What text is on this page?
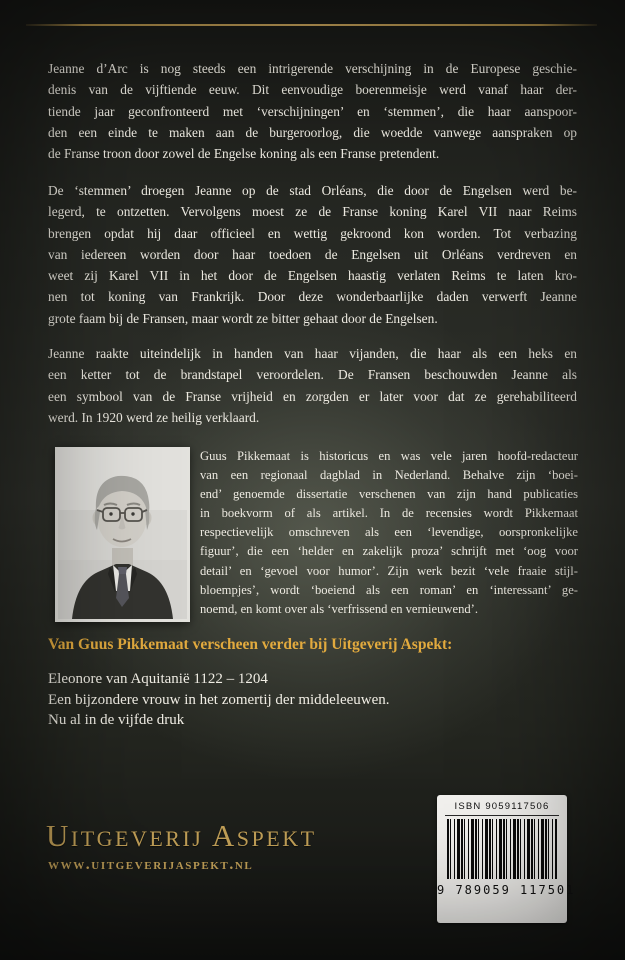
Jeanne d’Arc is nog steeds een intrigerende verschijning in de Europese geschie-
denis van de vijftiende eeuw. Dit eenvoudige boerenmeisje werd vanaf haar der-
tiende jaar geconfronteerd met ‘verschijningen’ en ‘stemmen’, die haar aanspoor-
den een einde te maken aan de burgeroorlog, die woedde vanwege aanspraken op
de Franse troon door zowel de Engelse koning als een Franse pretendent.
De ‘stemmen’ droegen Jeanne op de stad Orléans, die door de Engelsen werd be-
legerd, te ontzetten. Vervolgens moest ze de Franse koning Karel VII naar Reims
brengen opdat hij daar officieel en wettig gekroond kon worden. Tot verbazing
van iedereen worden door haar toedoen de Engelsen uit Orléans verdreven en
weet zij Karel VII in het door de Engelsen haastig verlaten Reims te laten kro-
nen tot koning van Frankrijk. Door deze wonderbaarlijke daden verwerft Jeanne
grote faam bij de Fransen, maar wordt ze bitter gehaat door de Engelsen.
Jeanne raakte uiteindelijk in handen van haar vijanden, die haar als een heks en
een ketter tot de brandstapel veroordelen. De Fransen beschouwden Jeanne als
een symbool van de Franse vrijheid en zorgden er later voor dat ze gerehabiliteerd
werd. In 1920 werd ze heilig verklaard.
Guus Pikkemaat is historicus en was vele jaren hoofd-redacteur
van een regionaal dagblad in Nederland. Behalve zijn ‘boei-
end’ genoemde dissertatie verschenen van zijn hand publicaties
in boekvorm of als artikel. In de recensies wordt Pikkemaat
respectievelijk omschreven als een ‘levendige, oorspronkelijke
figuur’, die een ‘helder en zakelijk proza’ schrijft met ‘oog voor
detail’ en ‘gevoel voor humor’. Zijn werk bezit ‘vele fraaie stijl-
bloempjes’, wordt ‘boeiend als een roman’ en ‘interessant’ ge-
noemd, en komt over als ‘verfrissend en vernieuwend’.
Van Guus Pikkemaat verscheen verder bij Uitgeverij Aspekt:
Eleonore van Aquitanië 1122 – 1204
Een bijzondere vrouw in het zomertij der middeleeuwen.
Nu al in de vijfde druk
Uitgeverij Aspekt
www.uitgeverijaspekt.nl
ISBN 9059117506
9 789059 117501
